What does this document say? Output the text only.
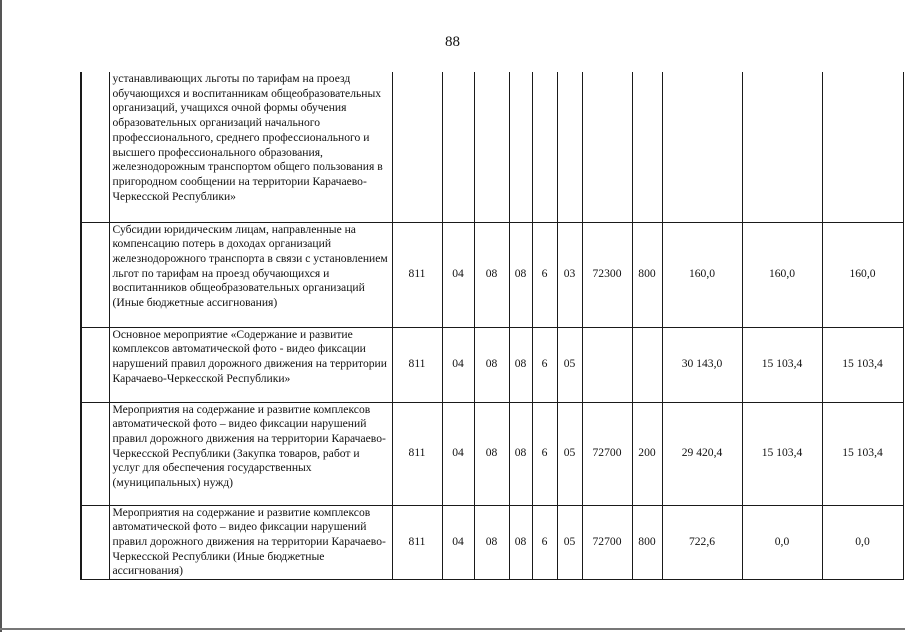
88
	устанавливающих льготы по тарифам на проезд обучающихся и воспитанникам общеобразовательных организаций, учащихся очной формы обучения образовательных организаций начального профессионального, среднего профессионального и высшего профессионального образования, железнодорожным транспортом общего пользования в пригородном сообщении на территории Карачаево-Черкесской Республики»											
	Субсидии юридическим лицам, направленные на компенсацию потерь в доходах организаций железнодорожного транспорта в связи с установлением льгот по тарифам на проезд обучающихся и воспитанников общеобразовательных организаций (Иные бюджетные ассигнования)	811	04	08	08	6	03	72300	800	160,0	160,0	160,0
	Основное мероприятие «Содержание и развитие комплексов автоматической фото - видео фиксации нарушений правил дорожного движения на территории Карачаево-Черкесской Республики»	811	04	08	08	6	05			30 143,0	15 103,4	15 103,4
	Мероприятия на содержание и развитие комплексов автоматической фото – видео фиксации нарушений правил дорожного движения на территории Карачаево-Черкесской Республики (Закупка товаров, работ и услуг для обеспечения государственных (муниципальных) нужд)	811	04	08	08	6	05	72700	200	29 420,4	15 103,4	15 103,4
	Мероприятия на содержание и развитие комплексов автоматической фото – видео фиксации нарушений правил дорожного движения на территории Карачаево-Черкесской Республики (Иные бюджетные ассигнования)	811	04	08	08	6	05	72700	800	722,6	0,0	0,0
